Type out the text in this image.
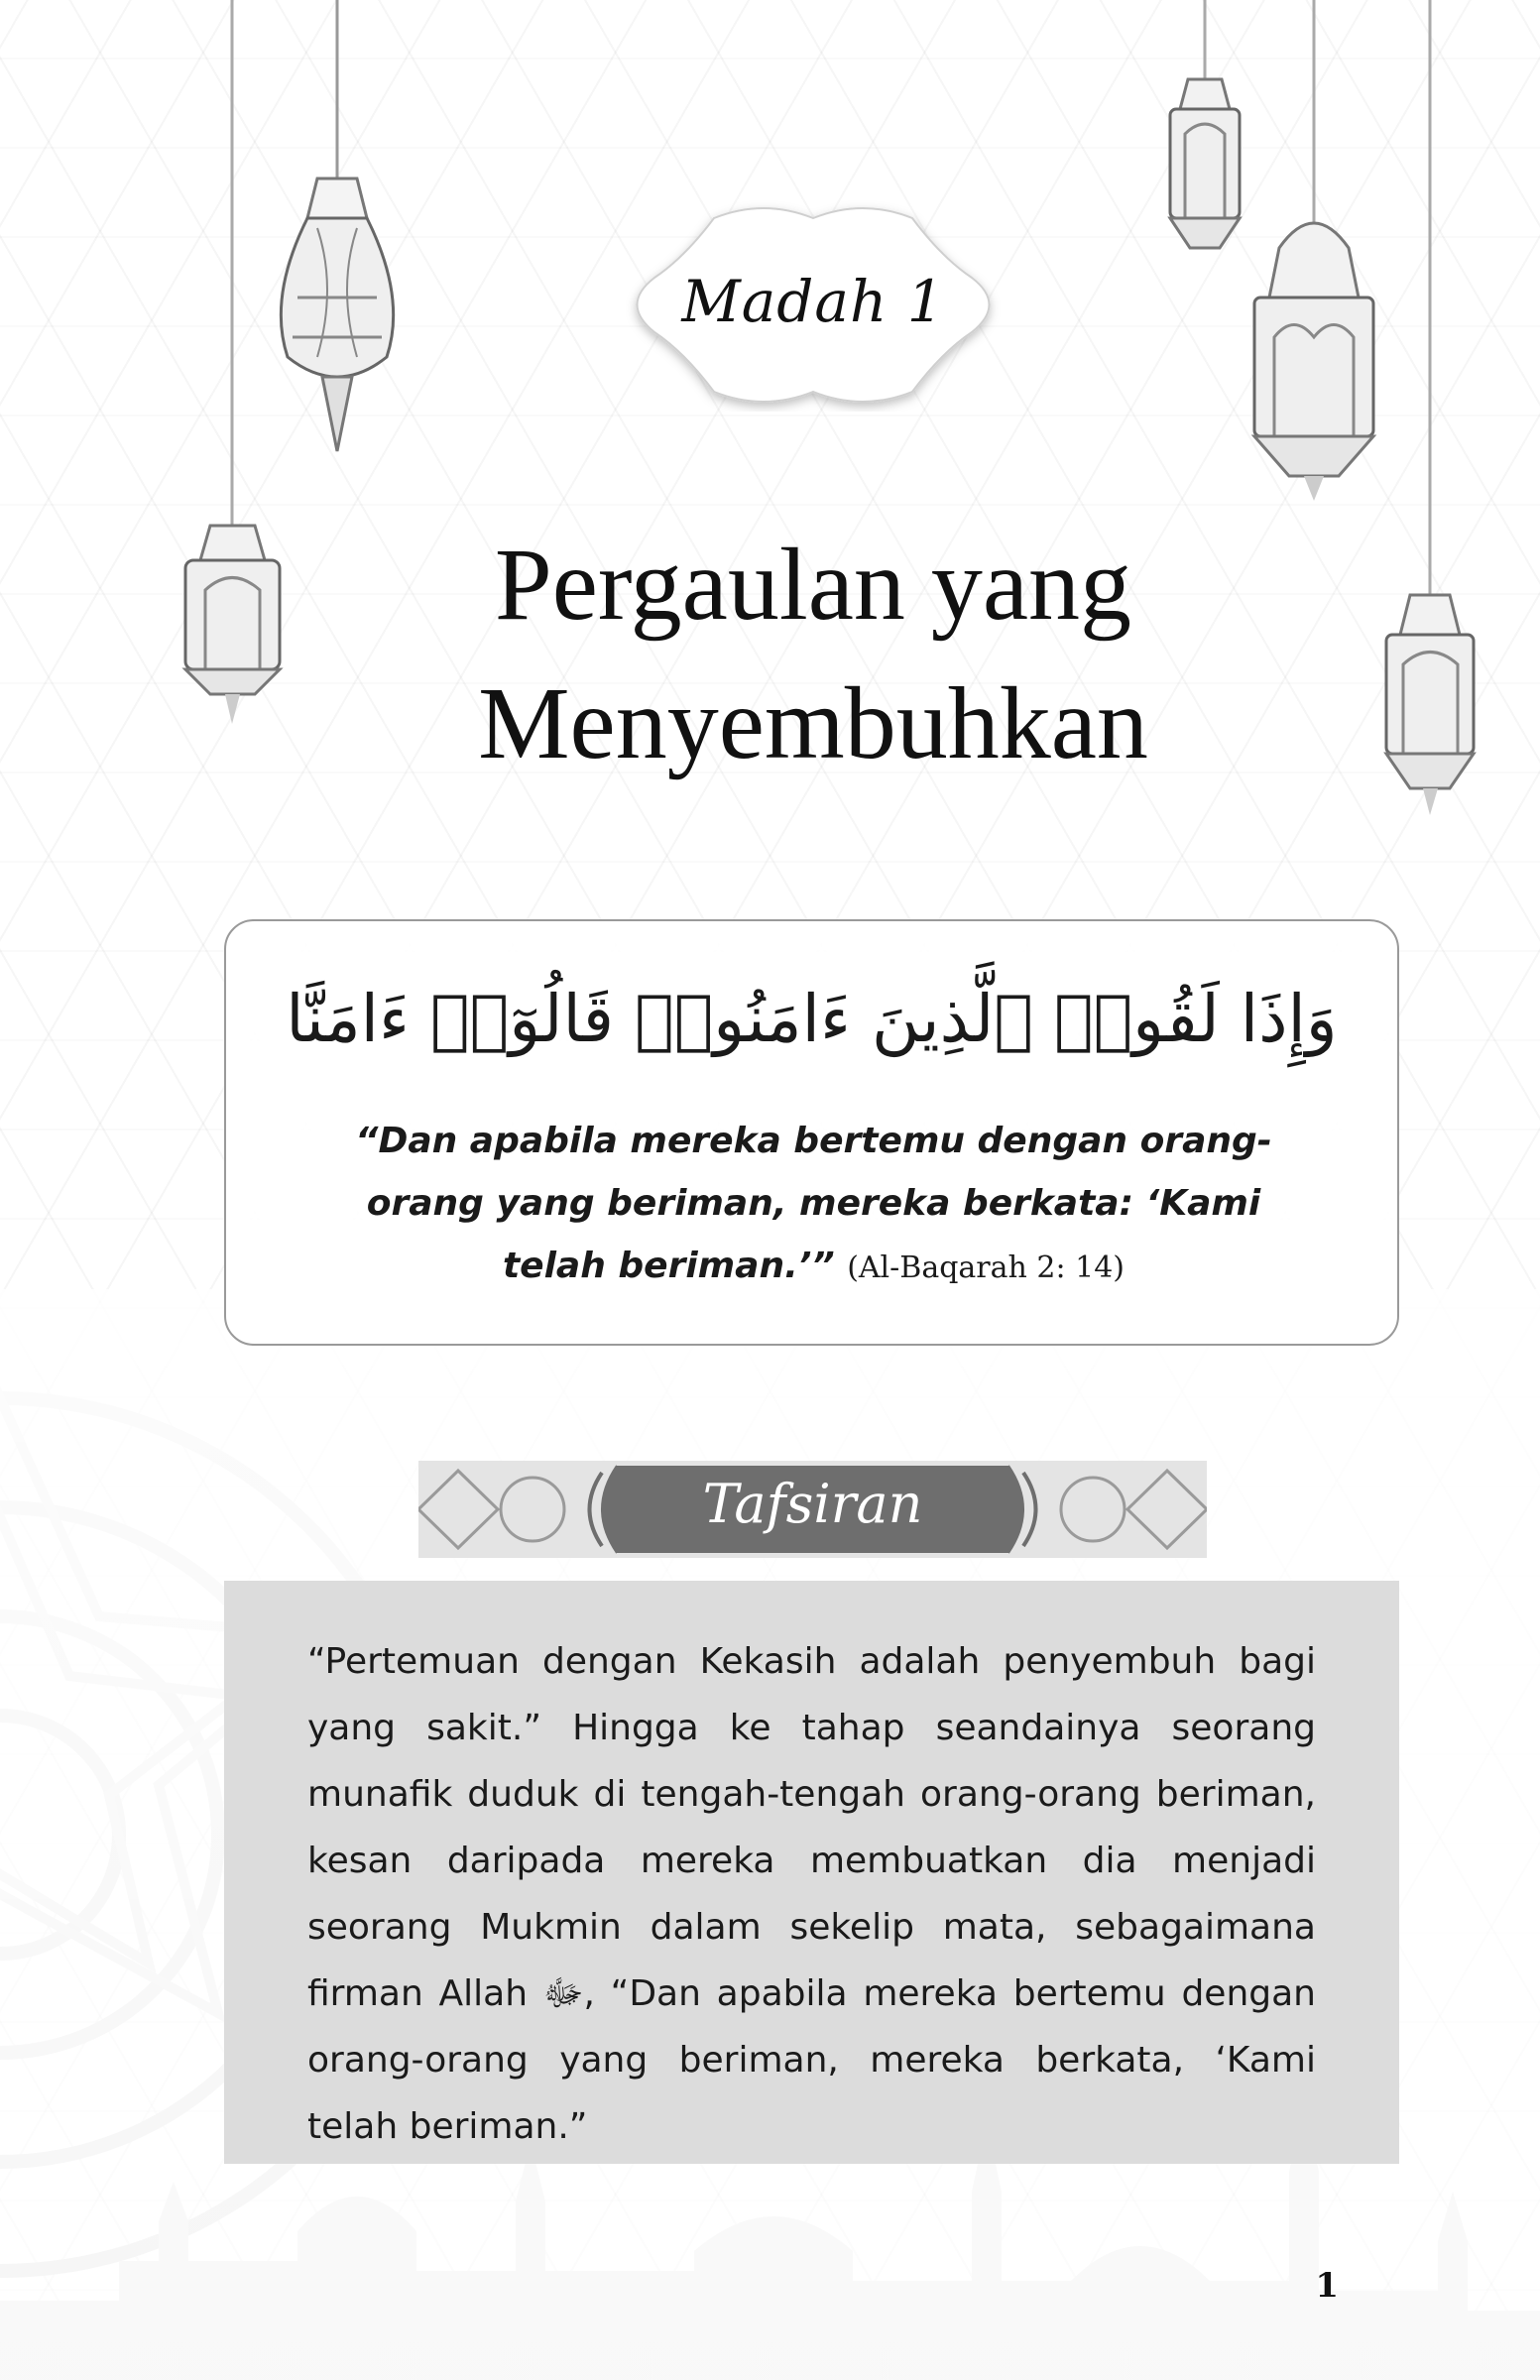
Madah 1
Pergaulan yang
Menyembuhkan
وَإِذَا لَقُوا۟ ٱلَّذِينَ ءَامَنُوا۟ قَالُوٓا۟ ءَامَنَّا
“Dan apabila mereka bertemu dengan orang-orang yang beriman, mereka berkata: ‘Kami telah beriman.’” (Al-Baqarah 2: 14)
Tafsiran

“Pertemuan dengan Kekasih adalah penyembuh bagi yang sakit.” Hingga ke tahap seandainya seorang munafik duduk di tengah-tengah orang-orang beriman, kesan daripada mereka membuatkan dia menjadi seorang Mukmin dalam sekelip mata, sebagaimana firman Allah ﷻ, “Dan apabila mereka bertemu dengan orang-orang yang beriman, mereka berkata, ‘Kami telah beriman.”

1
